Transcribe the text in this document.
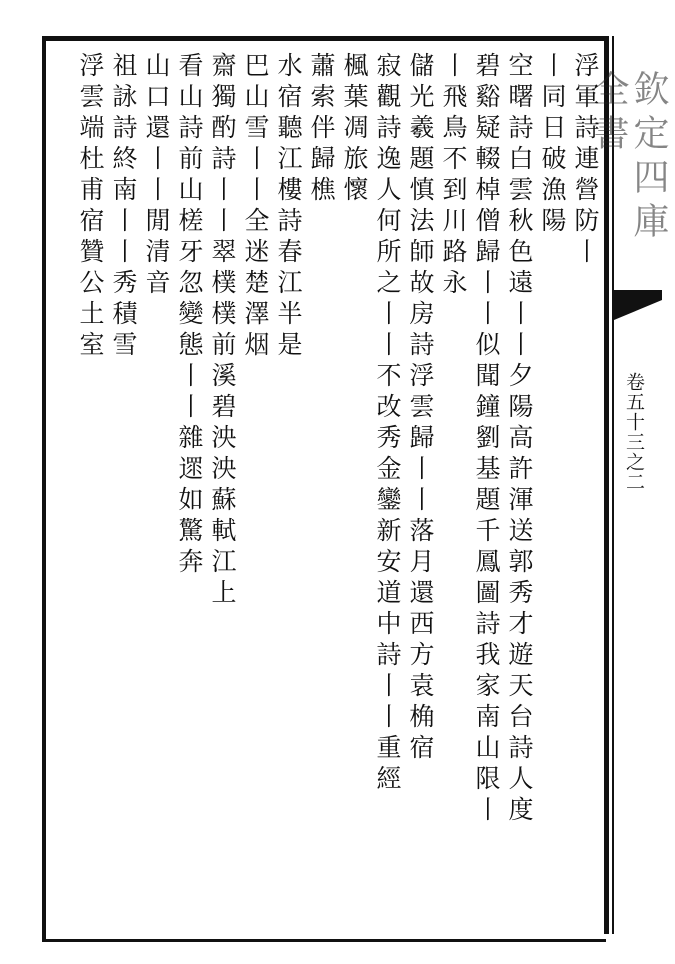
欽定四庫全書
卷五十三之二
浮軍詩連營防丨
丨同日破漁陽
空曙詩白雲秋色遠丨丨夕陽高許渾送郭秀才遊天台詩人度
碧谿疑輟棹僧歸丨丨似聞鐘劉基題千鳳圖詩我家南山限丨
丨飛鳥不到川路永
儲光羲題慎法師故房詩浮雲歸丨丨落月還西方袁桷宿
寂觀詩逸人何所之丨丨不改秀金鑾新安道中詩丨丨重經
楓葉凋旅懷
蕭索伴歸樵
水宿聽江樓詩春江半是
巴山雪丨丨全迷楚澤烟
齋獨酌詩丨丨翠樸樸前溪碧泱泱蘇軾江上
看山詩前山槎牙忽變態丨丨雜遝如驚奔
山口還丨丨閒清音
祖詠詩終南丨丨秀積雪
浮雲端杜甫宿贊公土室
